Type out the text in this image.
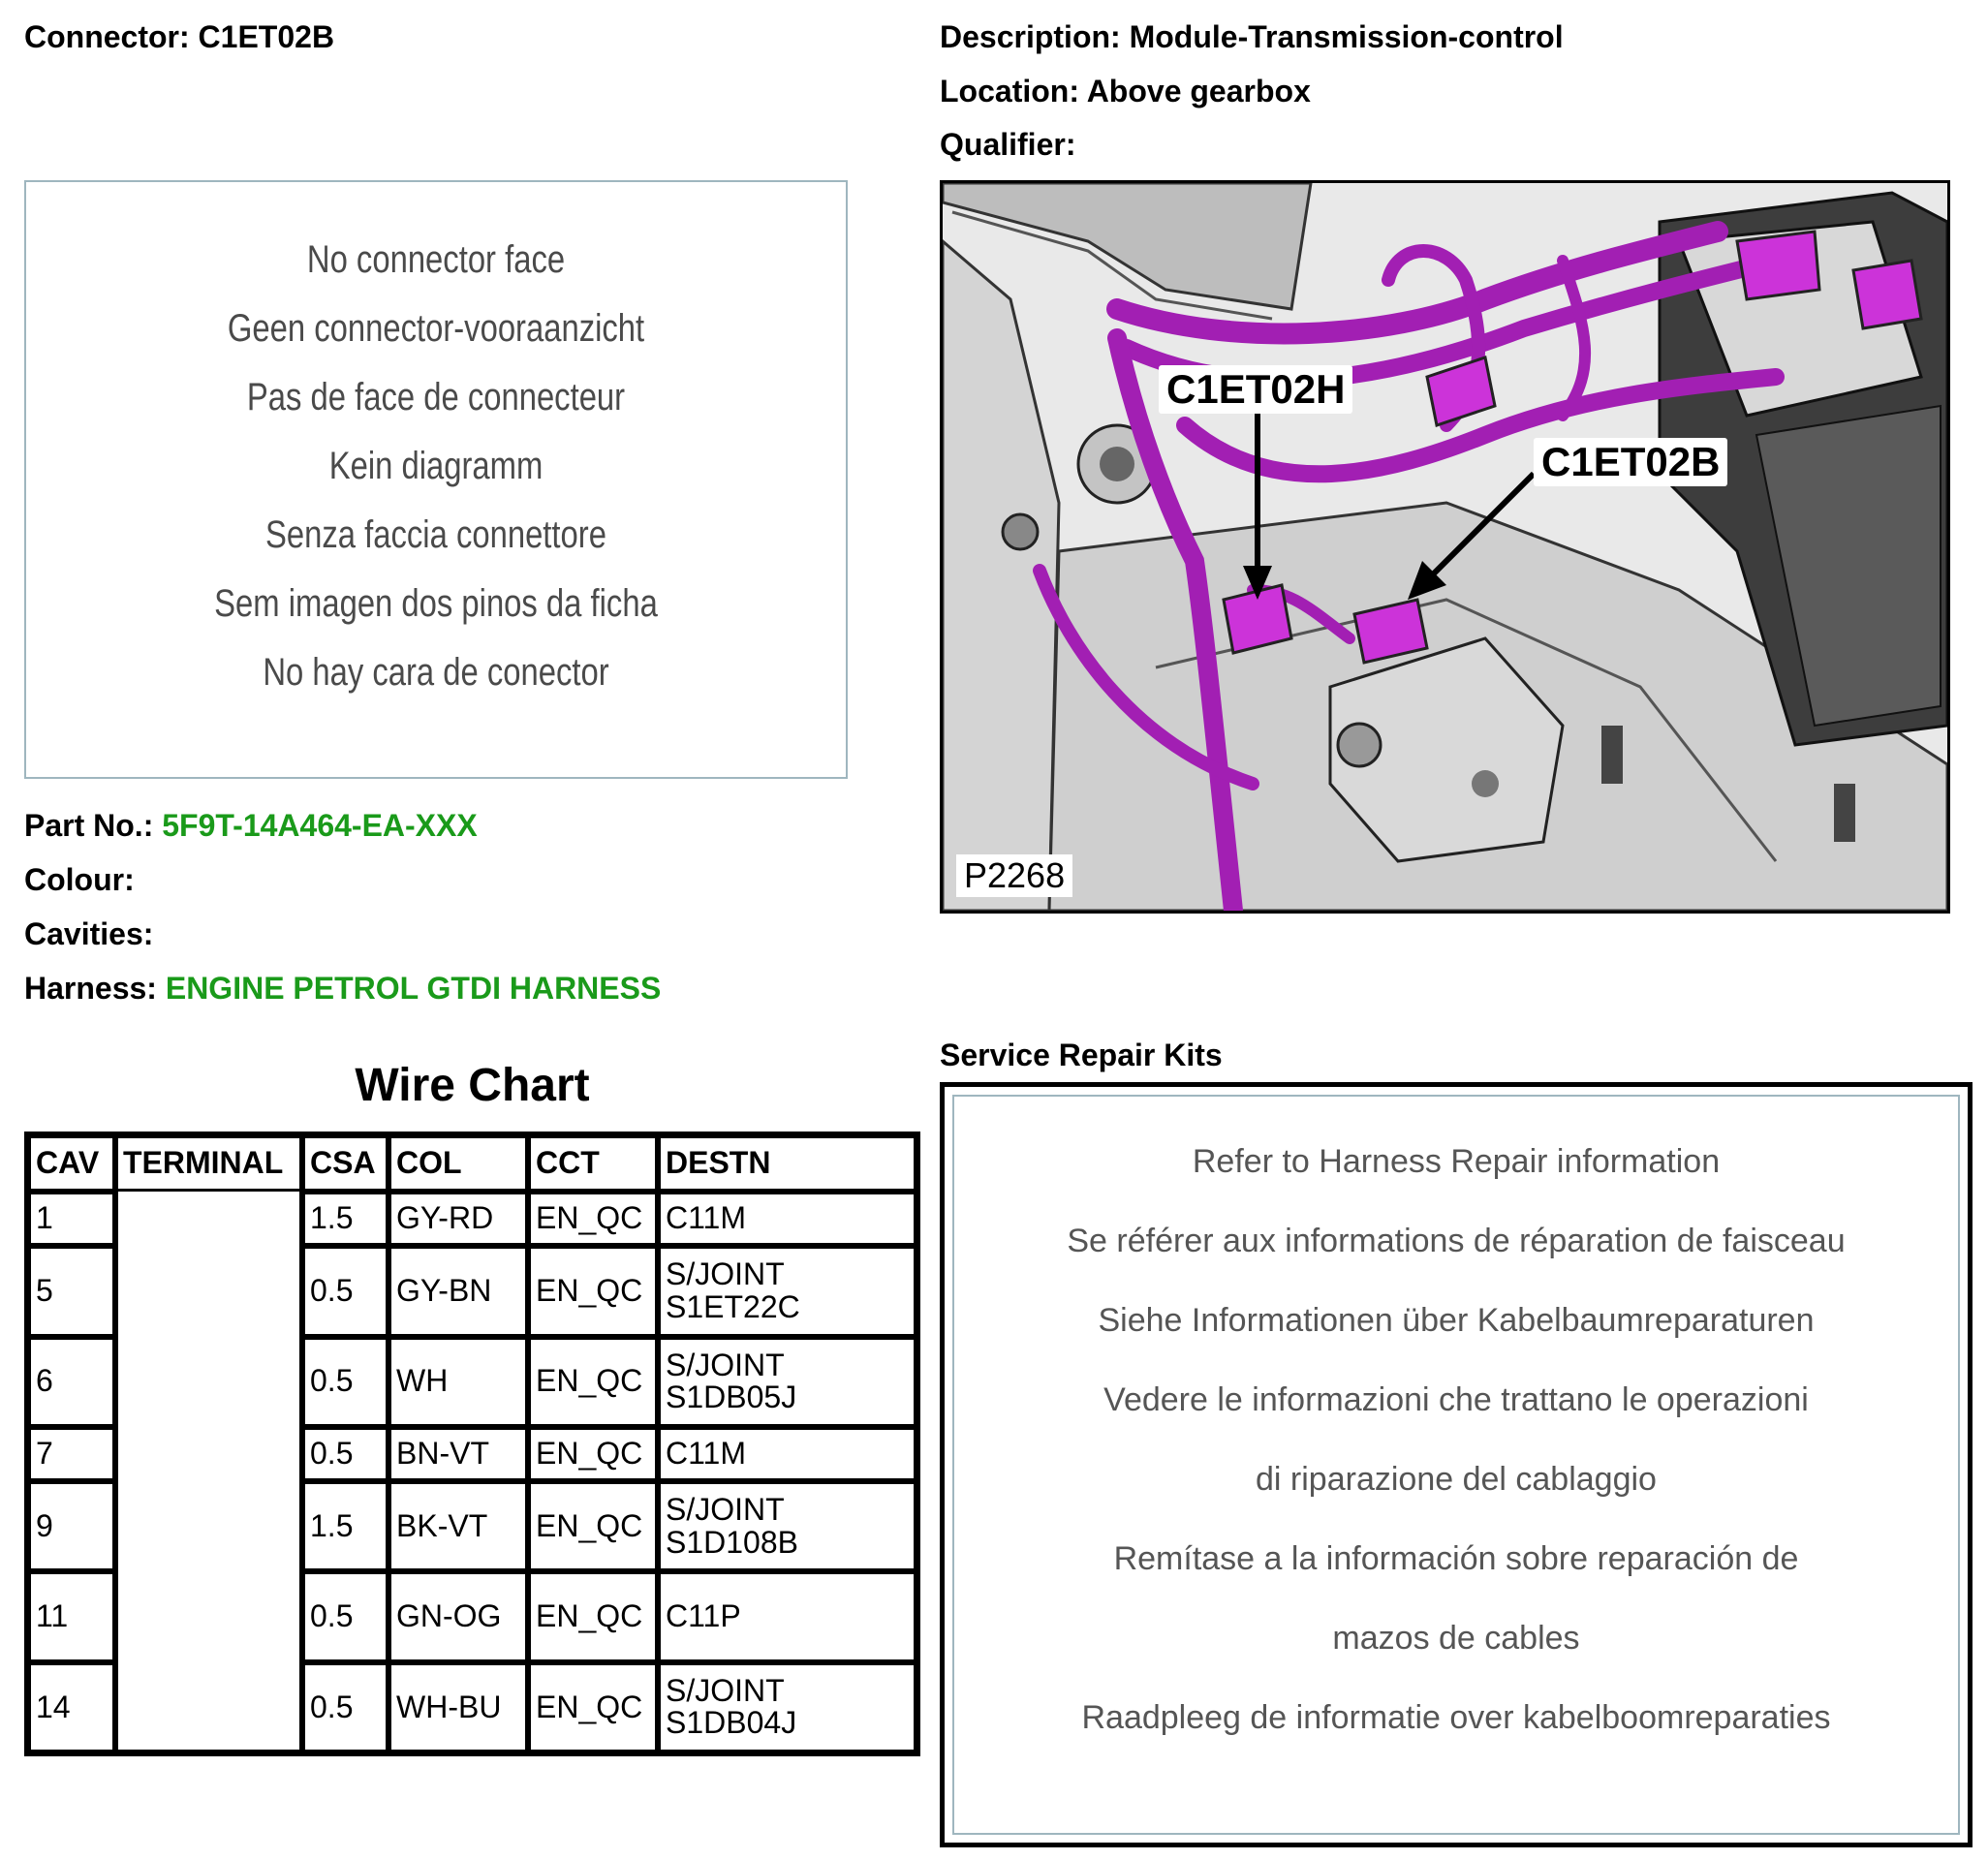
Connector: C1ET02B	Description: Module-Transmission-control
Location: Above gearbox
Qualifier:
No connector face
Geen connector-vooraanzicht
Pas de face de connecteur
Kein diagramm
Senza faccia connettore
Sem imagen dos pinos da ficha
No hay cara de conector
Part No.: 5F9T-14A464-EA-XXX
Colour:
Cavities:
Harness: ENGINE PETROL GTDI HARNESS
C1ET02H
C1ET02B
P2268
Wire Chart
CAV	TERMINAL	CSA	COL	CCT	DESTN
1		1.5	GY-RD	EN_QC	C11M
5		0.5	GY-BN	EN_QC	S/JOINT S1ET22C
6		0.5	WH	EN_QC	S/JOINT S1DB05J
7		0.5	BN-VT	EN_QC	C11M
9		1.5	BK-VT	EN_QC	S/JOINT S1D108B
11		0.5	GN-OG	EN_QC	C11P
14		0.5	WH-BU	EN_QC	S/JOINT S1DB04J
Service Repair Kits
Refer to Harness Repair information
Se référer aux informations de réparation de faisceau
Siehe Informationen über Kabelbaumreparaturen
Vedere le informazioni che trattano le operazioni
di riparazione del cablaggio
Remítase a la información sobre reparación de
mazos de cables
Raadpleeg de informatie over kabelboomreparaties
